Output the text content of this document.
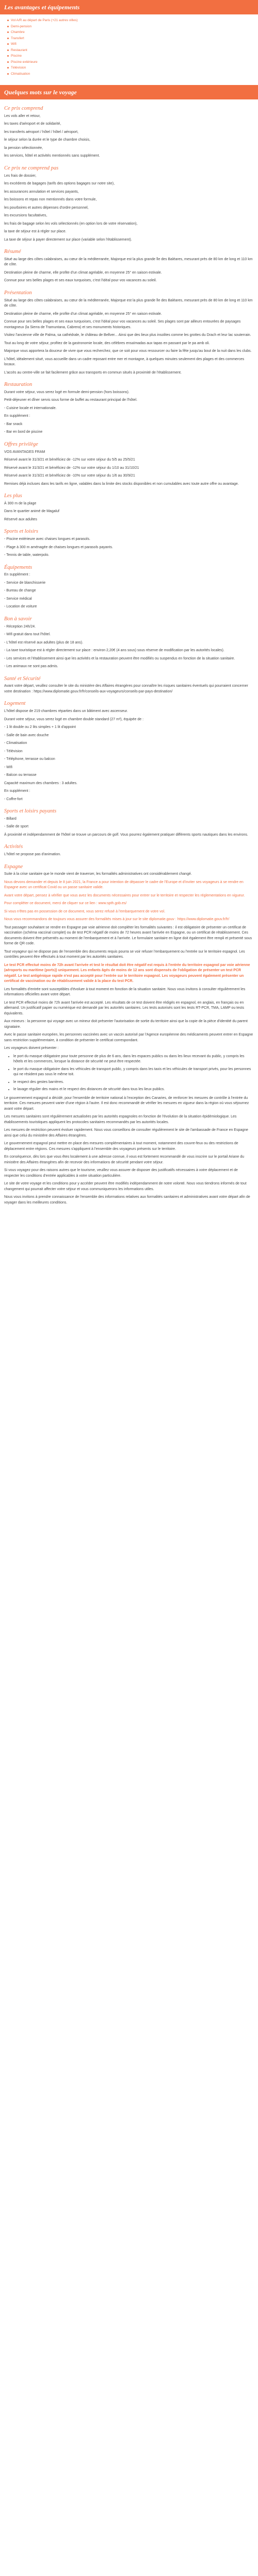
Les avantages et équipements
Vol A/R au départ de Paris (+21 autres villes)
Demi-pension
Chambre
Transfert
Wifi
Restaurant
Piscine
Piscine extérieure
Télévision
Climatisation
Quelques mots sur le voyage
Ce prix comprend

Les vols aller et retour,

les taxes d'aéroport et de solidarité,

les transferts aéroport / hôtel / hôtel / aéroport,

le séjour selon la durée et le type de chambre choisis,

la pension sélectionnée,

les services, hôtel et activités mentionnés sans supplément.

Ce prix ne comprend pas

Les frais de dossier,

les excédents de bagages (tarifs des options bagages sur notre site),

les assurances annulation et services payants,

les boissons et repas non mentionnés dans votre formule,

les pourboires et autres dépenses d'ordre personnel,

les excursions facultatives,

les frais de bagage selon les vols sélectionnés (en option lors de votre réservation),

la taxe de séjour est à régler sur place.

La taxe de séjour à payer directement sur place (variable selon l'établissement).

Résumé

Situé au large des côtes calabraises, au cœur de la méditerranée, Majorque est la plus grande île des Baléares, mesurant près de 80 km de long et 110 km de côte.

Destination pleine de charme, elle profite d'un climat agréable, en moyenne 25° en saison estivale.

Connue pour ses belles plages et ses eaux turquoises, c'est l'idéal pour vos vacances au soleil.

Présentation

Situé au large des côtes calabraises, au cœur de la méditerranée, Majorque est la plus grande île des Baléares, mesurant près de 80 km de long et 110 km de côte.

Destination pleine de charme, elle profite d'un climat agréable, en moyenne 25° en saison estivale.

Connue pour ses belles plages et ses eaux turquoises, c'est l'idéal pour vos vacances au soleil. Ses plages sont par ailleurs entourées de paysages montagneux (la Sierra de Tramuntana, Cabrera) et ses monuments historiques.

Visitez l'ancienne ville de Palma, sa cathédrale, le château de Bellver... Ainsi que des lieux plus insolites comme les grottes du Drach et leur lac souterrain.

Tout au long de votre séjour, profitez de la gastronomie locale, des célèbres ensaïmadas aux tapas en passant par le pa amb oli.

Majorque vous apportera la douceur de vivre que vous recherchez, que ce soit pour vous ressourcer ou faire la fête jusqu'au bout de la nuit dans les clubs.

L'hôtel, idéalement situé, vous accueille dans un cadre reposant entre mer et montagne, à quelques minutes seulement des plages et des commerces locaux.

L'accès au centre-ville se fait facilement grâce aux transports en commun situés à proximité de l'établissement.

Restauration

Durant votre séjour, vous serez logé en formule demi-pension (hors boissons).

Petit-déjeuner et dîner servis sous forme de buffet au restaurant principal de l'hôtel.

- Cuisine locale et internationale.

En supplément :

- Bar snack

- Bar en bord de piscine

Offres privilège

VOS AVANTAGES FRAM

Réservé avant le 31/3/21 et bénéficiez de -12% sur votre séjour du 5/5 au 25/5/21

Réservé avant le 31/3/21 et bénéficiez de -12% sur votre séjour du 1/10 au 31/10/21

Réservé avant le 31/3/21 et bénéficiez de -10% sur votre séjour du 1/6 au 30/9/21

Remises déjà incluses dans les tarifs en ligne, valables dans la limite des stocks disponibles et non cumulables avec toute autre offre ou avantage.

Les plus

À 300 m de la plage

Dans le quartier animé de Magaluf

Réservé aux adultes

Sports et loisirs

- Piscine extérieure avec chaises longues et parasols.

- Plage à 300 m aménagée de chaises longues et parasols payants.

- Tennis de table, waterpolo.

Équipements

En supplément :

- Service de blanchisserie

- Bureau de change

- Service médical

- Location de voiture

Bon à savoir

- Réception 24h/24.

- Wifi gratuit dans tout l'hôtel.

- L'hôtel est réservé aux adultes (plus de 18 ans).

- La taxe touristique est à régler directement sur place : environ 2,20€ (4 ans sous) sous réserve de modification par les autorités locales).

- Les services et l'établissement ainsi que les activités et la restauration peuvent être modifiés ou suspendus en fonction de la situation sanitaire.

- Les animaux ne sont pas admis.

Santé et Sécurité

Avant votre départ, veuillez consulter le site du ministère des Affaires étrangères pour connaître les risques sanitaires éventuels qui pourraient concerner votre destination : https://www.diplomatie.gouv.fr/fr/conseils-aux-voyageurs/conseils-par-pays-destination/

Logement

L'hôtel dispose de 219 chambres réparties dans un bâtiment avec ascenseur.

Durant votre séjour, vous serez logé en chambre double standard (27 m²), équipée de :

- 1 lit double ou 2 lits simples + 1 lit d'appoint

- Salle de bain avec douche

- Climatisation

- Télévision

- Téléphone, terrasse ou balcon

- Wifi

- Balcon ou terrasse

Capacité maximum des chambres : 3 adultes.

En supplément :

- Coffre-fort

Sports et loisirs payants

- Billard

- Salle de sport

À proximité et indépendamment de l'hôtel se trouve un parcours de golf. Vous pourrez également pratiquer différents sports nautiques dans les environs.

Activités

L'hôtel ne propose pas d'animation.

Espagne

Suite à la crise sanitaire que le monde vient de traverser, les formalités administratives ont considérablement changé.

Nous devons demander et depuis le 8 juin 2021, la France a pour intention de dépasser le cadre de l'Europe et d'inviter ses voyageurs à se rendre en Espagne avec un certificat Covid ou un passe sanitaire valide.

Avant votre départ, pensez à vérifier que vous avez les documents nécessaires pour entrer sur le territoire et respecter les réglementations en vigueur.

Pour compléter ce document, merci de cliquer sur ce lien : www.spth.gob.es/

Si vous n'êtes pas en possession de ce document, vous serez refusé à l'embarquement de votre vol.

Nous vous recommandons de toujours vous assurer des formalités mises à jour sur le site diplomatie.gouv : https://www.diplomatie.gouv.fr/fr/

Tout passager souhaitant se rendre en Espagne par voie aérienne doit compléter les formalités suivantes : il est obligatoire de présenter un certificat de vaccination (schéma vaccinal complet) ou de test PCR négatif de moins de 72 heures avant l'arrivée en Espagne, ou un certificat de rétablissement. Ces documents doivent être présentés au moment de l'embarquement et à l'arrivée. Le formulaire sanitaire en ligne doit également être rempli et présenté sous forme de QR code.

Tout voyageur qui ne dispose pas de l'ensemble des documents requis pourra se voir refuser l'embarquement ou l'entrée sur le territoire espagnol. Les contrôles peuvent être effectués à tout moment par les autorités sanitaires.

Le test PCR effectué moins de 72h avant l'arrivée et test le résultat doit être négatif est requis à l'entrée du territoire espagnol par voie aérienne (aéroports ou maritime (ports)) uniquement. Les enfants âgés de moins de 12 ans sont dispensés de l'obligation de présenter un test PCR négatif. Le test antigénique rapide n'est pas accepté pour l'entrée sur le territoire espagnol. Les voyageurs peuvent également présenter un certificat de vaccination ou de rétablissement valide à la place du test PCR.

Les formalités d'entrée sont susceptibles d'évoluer à tout moment en fonction de la situation sanitaire. Nous vous invitons à consulter régulièrement les informations officielles avant votre départ.

Le test PCR effectué moins de 72h avant l'arrivée est accepté. Les résultats de ce test doivent être rédigés en espagnol, en anglais, en français ou en allemand. Un justificatif papier ou numérique est demandé par les autorités sanitaires. Les tests autorisés sont les tests RT-PCR, TMA, LAMP ou tests équivalents.

Aux mineurs : la personne qui voyage avec un mineur doit présenter l'autorisation de sortie du territoire ainsi que la copie de la pièce d'identité du parent signataire.

Avec le passe sanitaire européen, les personnes vaccinées avec un vaccin autorisé par l'Agence européenne des médicaments peuvent entrer en Espagne sans restriction supplémentaire, à condition de présenter le certificat correspondant.

Les voyageurs doivent présenter :

• le port du masque obligatoire pour toute personne de plus de 6 ans, dans les espaces publics ou dans les lieux recevant du public, y compris les hôtels et les commerces, lorsque la distance de sécurité ne peut être respectée.
• le port du masque obligatoire dans les véhicules de transport public, y compris dans les taxis et les véhicules de transport privés, pour les personnes qui ne résident pas sous le même toit.
• le respect des gestes barrières.
• le lavage régulier des mains et le respect des distances de sécurité dans tous les lieux publics.

Le gouvernement espagnol a décidé, pour l'ensemble de territoire national à l'exception des Canaries, de renforcer les mesures de contrôle à l'entrée du territoire. Ces mesures peuvent varier d'une région à l'autre. Il est donc recommandé de vérifier les mesures en vigueur dans la région où vous séjournez avant votre départ.

Les mesures sanitaires sont régulièrement actualisées par les autorités espagnoles en fonction de l'évolution de la situation épidémiologique. Les établissements touristiques appliquent les protocoles sanitaires recommandés par les autorités locales.

Les mesures de restriction peuvent évoluer rapidement. Nous vous conseillons de consulter régulièrement le site de l'ambassade de France en Espagne ainsi que celui du ministère des Affaires étrangères.

Le gouvernement espagnol peut mettre en place des mesures complémentaires à tout moment, notamment des couvre-feux ou des restrictions de déplacement entre régions. Ces mesures s'appliquent à l'ensemble des voyageurs présents sur le territoire.

En conséquence, dès lors que vous êtes localement à une adresse connue, il vous est fortement recommandé de vous inscrire sur le portail Ariane du ministère des Affaires étrangères afin de recevoir des informations de sécurité pendant votre séjour.

Si vous voyagez pour des raisons autres que le tourisme, veuillez vous assurer de disposer des justificatifs nécessaires à votre déplacement et de respecter les conditions d'entrée applicables à votre situation particulière.

Le site de votre voyage et les conditions pour y accéder peuvent être modifiés indépendamment de notre volonté. Nous vous tiendrons informés de tout changement qui pourrait affecter votre séjour et vous communiquerons les informations utiles.

Nous vous invitons à prendre connaissance de l'ensemble des informations relatives aux formalités sanitaires et administratives avant votre départ afin de voyager dans les meilleures conditions.
